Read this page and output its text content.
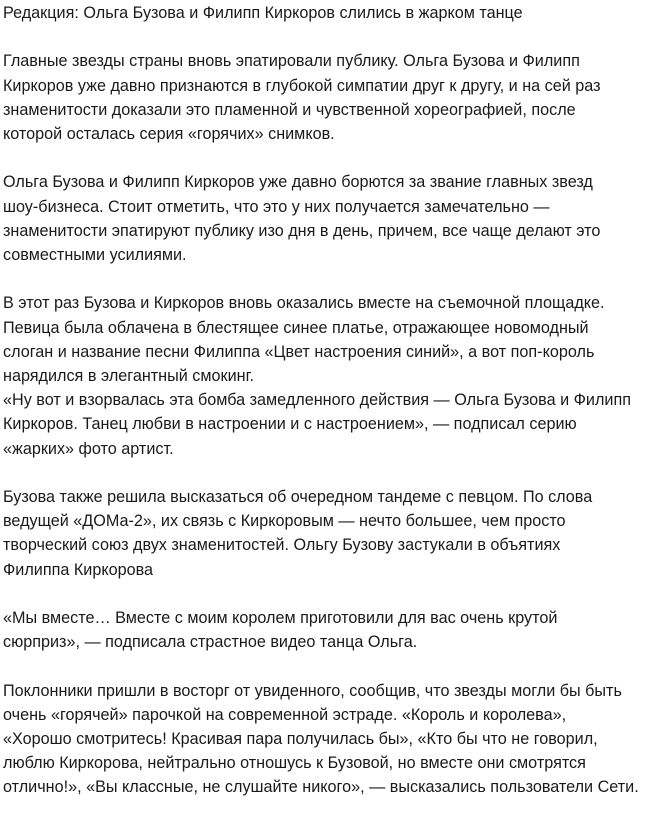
Редакция: Ольга Бузова и Филипп Киркоров слились в жарком танце

Главные звезды страны вновь эпатировали публику. Ольга Бузова и Филипп
Киркоров уже давно признаются в глубокой симпатии друг к другу, и на сей раз
знаменитости доказали это пламенной и чувственной хореографией, после
которой осталась серия «горячих» снимков.

Ольга Бузова и Филипп Киркоров уже давно борются за звание главных звезд
шоу-бизнеса. Стоит отметить, что это у них получается замечательно —
знаменитости эпатируют публику изо дня в день, причем, все чаще делают это
совместными усилиями.

В этот раз Бузова и Киркоров вновь оказались вместе на съемочной площадке.
Певица была облачена в блестящее синее платье, отражающее новомодный
слоган и название песни Филиппа «Цвет настроения синий», а вот поп-король
нарядился в элегантный смокинг.
«Ну вот и взорвалась эта бомба замедленного действия — Ольга Бузова и Филипп
Киркоров. Танец любви в настроении и с настроением», — подписал серию
«жарких» фото артист.

Бузова также решила высказаться об очередном тандеме с певцом. По слова
ведущей «ДОМа-2», их связь с Киркоровым — нечто большее, чем просто
творческий союз двух знаменитостей. Ольгу Бузову застукали в объятиях
Филиппа Киркорова

«Мы вместе… Вместе с моим королем приготовили для вас очень крутой
сюрприз», — подписала страстное видео танца Ольга.

Поклонники пришли в восторг от увиденного, сообщив, что звезды могли бы быть
очень «горячей» парочкой на современной эстраде. «Король и королева»,
«Хорошо смотритесь! Красивая пара получилась бы», «Кто бы что не говорил,
люблю Киркорова, нейтрально отношусь к Бузовой, но вместе они смотрятся
отлично!», «Вы классные, не слушайте никого», — высказались пользователи Сети.
